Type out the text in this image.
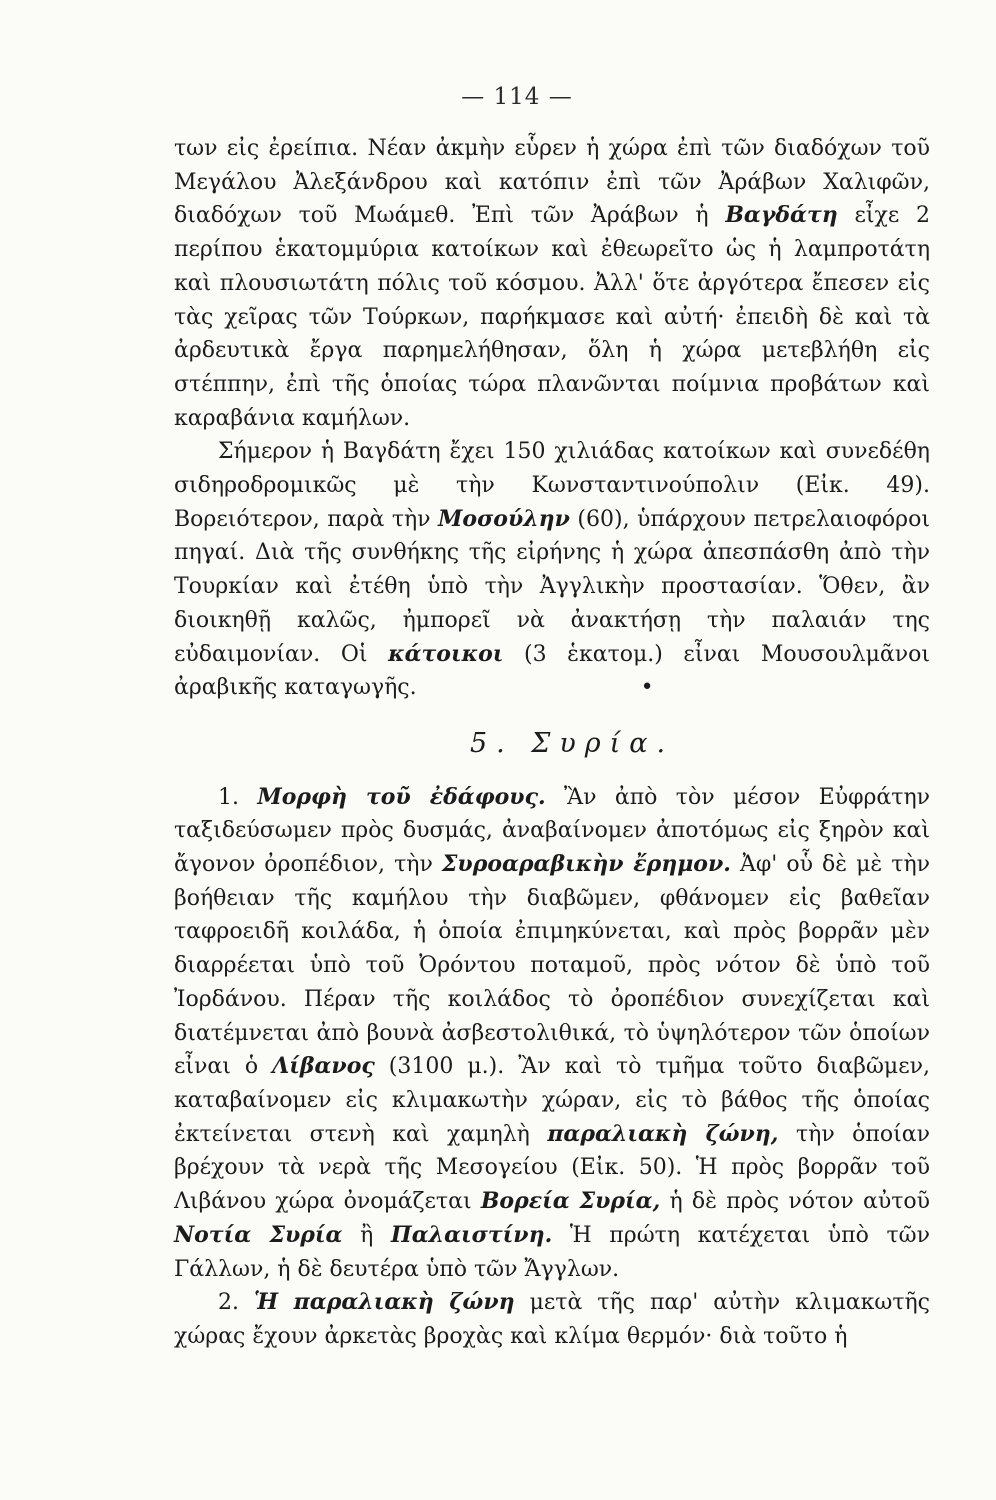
— 114 —

των εἰς ἐρείπια. Νέαν ἀκμὴν εὗρεν ἡ χώρα ἐπὶ τῶν διαδόχων τοῦ Μεγάλου Ἀλεξάνδρου καὶ κατόπιν ἐπὶ τῶν Ἀράβων Χαλιφῶν, διαδόχων τοῦ Μωάμεθ. Ἐπὶ τῶν Ἀράβων ἡ Βαγδάτη εἶχε 2 περίπου ἑκατομμύρια κατοίκων καὶ ἐθεωρεῖτο ὡς ἡ λαμπροτάτη καὶ πλουσιωτάτη πόλις τοῦ κόσμου. Ἀλλ' ὅτε ἀργότερα ἔπεσεν εἰς τὰς χεῖρας τῶν Τούρκων, παρήκμασε καὶ αὐτή· ἐπειδὴ δὲ καὶ τὰ ἀρδευτικὰ ἔργα παρημελήθησαν, ὅλη ἡ χώρα μετεβλήθη εἰς στέππην, ἐπὶ τῆς ὁποίας τώρα πλανῶνται ποίμνια προβάτων καὶ καραβάνια καμήλων.

Σήμερον ἡ Βαγδάτη ἔχει 150 χιλιάδας κατοίκων καὶ συνεδέθη σιδηροδρομικῶς μὲ τὴν Κωνσταντινούπολιν (Εἰκ. 49). Βορειότερον, παρὰ τὴν Μοσούλην (60), ὑπάρχουν πετρελαιοφόροι πηγαί. Διὰ τῆς συνθήκης τῆς εἰρήνης ἡ χώρα ἀπεσπάσθη ἀπὸ τὴν Τουρκίαν καὶ ἐτέθη ὑπὸ τὴν Ἀγγλικὴν προστασίαν. Ὅθεν, ἂν διοικηθῇ καλῶς, ἠμπορεῖ νὰ ἀνακτήσῃ τὴν παλαιάν της εὐδαιμονίαν. Οἱ κάτοικοι (3 ἑκατομ.) εἶναι Μουσουλμᾶνοι ἀραβικῆς καταγωγῆς.	•

5. Συρία.

1. Μορφὴ τοῦ ἐδάφους. Ἂν ἀπὸ τὸν μέσον Εὐφράτην ταξιδεύσωμεν πρὸς δυσμάς, ἀναβαίνομεν ἀποτόμως εἰς ξηρὸν καὶ ἄγονον ὀροπέδιον, τὴν Συροαραβικὴν ἔρημον. Ἀφ' οὗ δὲ μὲ τὴν βοήθειαν τῆς καμήλου τὴν διαβῶμεν, φθάνομεν εἰς βαθεῖαν ταφροειδῆ κοιλάδα, ἡ ὁποία ἐπιμηκύνεται, καὶ πρὸς βορρᾶν μὲν διαρρέεται ὑπὸ τοῦ Ὀρόντου ποταμοῦ, πρὸς νότον δὲ ὑπὸ τοῦ Ἰορδάνου. Πέραν τῆς κοιλάδος τὸ ὀροπέδιον συνεχίζεται καὶ διατέμνεται ἀπὸ βουνὰ ἀσβεστολιθικά, τὸ ὑψηλότερον τῶν ὁποίων εἶναι ὁ Λίβανος (3100 μ.). Ἂν καὶ τὸ τμῆμα τοῦτο διαβῶμεν, καταβαίνομεν εἰς κλιμακωτὴν χώραν, εἰς τὸ βάθος τῆς ὁποίας ἐκτείνεται στενὴ καὶ χαμηλὴ παραλιακὴ ζώνη, τὴν ὁποίαν βρέχουν τὰ νερὰ τῆς Μεσογείου (Εἰκ. 50). Ἡ πρὸς βορρᾶν τοῦ Λιβάνου χώρα ὀνομάζεται Βορεία Συρία, ἡ δὲ πρὸς νότον αὐτοῦ Νοτία Συρία ἢ Παλαιστίνη. Ἡ πρώτη κατέχεται ὑπὸ τῶν Γάλλων, ἡ δὲ δευτέρα ὑπὸ τῶν Ἄγγλων.

2. Ἡ παραλιακὴ ζώνη μετὰ τῆς παρ' αὐτὴν κλιμακωτῆς χώρας ἔχουν ἀρκετὰς βροχὰς καὶ κλίμα θερμόν· διὰ τοῦτο ἡ
